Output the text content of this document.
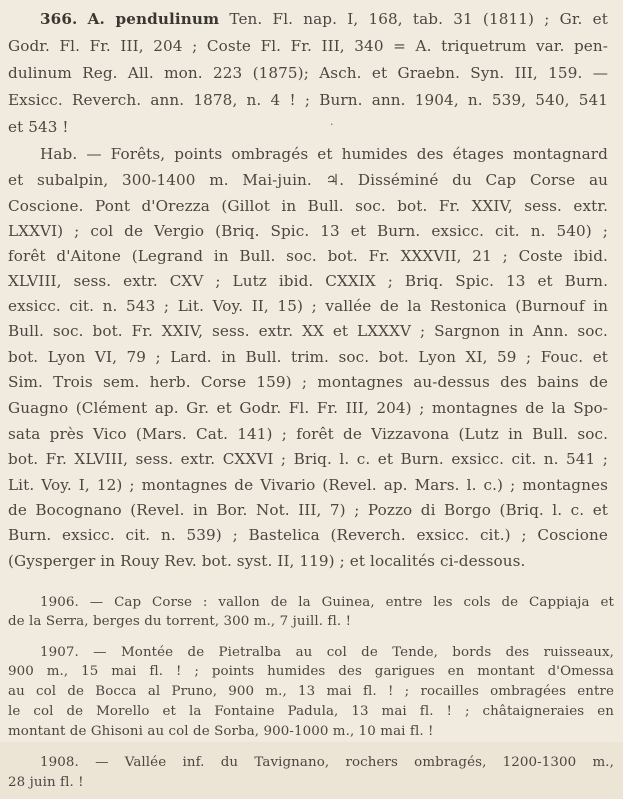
366. A. pendulinum Ten. Fl. nap. I, 168, tab. 31 (1811) ; Gr. et
Godr. Fl. Fr. III, 204 ; Coste Fl. Fr. III, 340 = A. triquetrum var. pen-
dulinum Reg. All. mon. 223 (1875); Asch. et Graebn. Syn. III, 159. —
Exsicc. Reverch. ann. 1878, n. 4 ! ; Burn. ann. 1904, n. 539, 540, 541
et 543 !	·
Hab. — Forêts, points ombragés et humides des étages montagnard
et subalpin, 300-1400 m. Mai-juin. ♃. Disséminé du Cap Corse au
Coscione. Pont d'Orezza (Gillot in Bull. soc. bot. Fr. XXIV, sess. extr.
LXXVI) ; col de Vergio (Briq. Spic. 13 et Burn. exsicc. cit. n. 540) ;
forêt d'Aitone (Legrand in Bull. soc. bot. Fr. XXXVII, 21 ; Coste ibid.
XLVIII, sess. extr. CXV ; Lutz ibid. CXXIX ; Briq. Spic. 13 et Burn.
exsicc. cit. n. 543 ; Lit. Voy. II, 15) ; vallée de la Restonica (Burnouf in
Bull. soc. bot. Fr. XXIV, sess. extr. XX et LXXXV ; Sargnon in Ann. soc.
bot. Lyon VI, 79 ; Lard. in Bull. trim. soc. bot. Lyon XI, 59 ; Fouc. et
Sim. Trois sem. herb. Corse 159) ; montagnes au-dessus des bains de
Guagno (Clément ap. Gr. et Godr. Fl. Fr. III, 204) ; montagnes de la Spo-
sata près Vico (Mars. Cat. 141) ; forêt de Vizzavona (Lutz in Bull. soc.
bot. Fr. XLVIII, sess. extr. CXXVI ; Briq. l. c. et Burn. exsicc. cit. n. 541 ;
Lit. Voy. I, 12) ; montagnes de Vivario (Revel. ap. Mars. l. c.) ; montagnes
de Bocognano (Revel. in Bor. Not. III, 7) ; Pozzo di Borgo (Briq. l. c. et
Burn. exsicc. cit. n. 539) ; Bastelica (Reverch. exsicc. cit.) ; Coscione
(Gysperger in Rouy Rev. bot. syst. II, 119) ; et localités ci-dessous.
1906. — Cap Corse : vallon de la Guinea, entre les cols de Cappiaja et
de la Serra, berges du torrent, 300 m., 7 juill. fl. !
1907. — Montée de Pietralba au col de Tende, bords des ruisseaux,
900 m., 15 mai fl. ! ; points humides des garigues en montant d'Omessa
au col de Bocca al Pruno, 900 m., 13 mai fl. ! ; rocailles ombragées entre
le col de Morello et la Fontaine Padula, 13 mai fl. ! ; châtaigneraies en
montant de Ghisoni au col de Sorba, 900-1000 m., 10 mai fl. !
1908. — Vallée inf. du Tavignano, rochers ombragés, 1200-1300 m.,
28 juin fl. !
